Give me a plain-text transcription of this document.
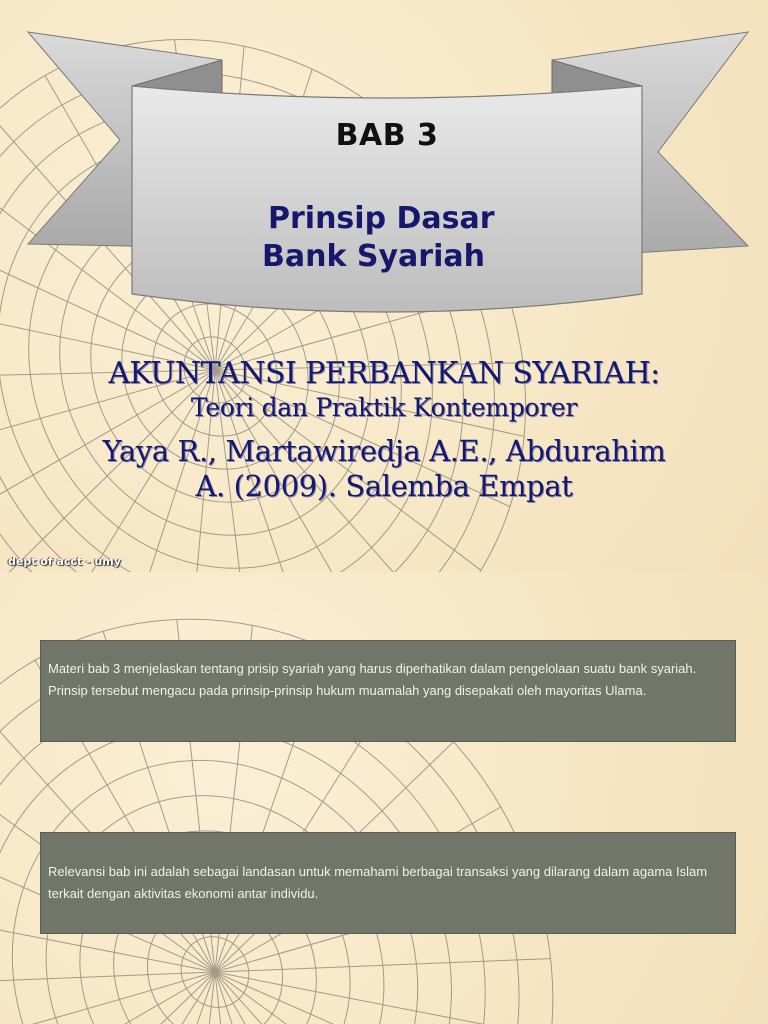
BAB 3
Prinsip Dasar
Bank Syariah
AKUNTANSI PERBANKAN SYARIAH:
Teori dan Praktik Kontemporer
Yaya R., Martawiredja A.E., Abdurahim
A. (2009). Salemba Empat
dept of acct - umy
Materi bab 3 menjelaskan tentang prisip syariah yang harus diperhatikan dalam pengelolaan suatu bank syariah. Prinsip tersebut mengacu pada prinsip-prinsip hukum muamalah yang disepakati oleh mayoritas Ulama.
Relevansi bab ini adalah sebagai landasan untuk memahami berbagai transaksi yang dilarang dalam agama Islam terkait dengan aktivitas ekonomi antar individu.
